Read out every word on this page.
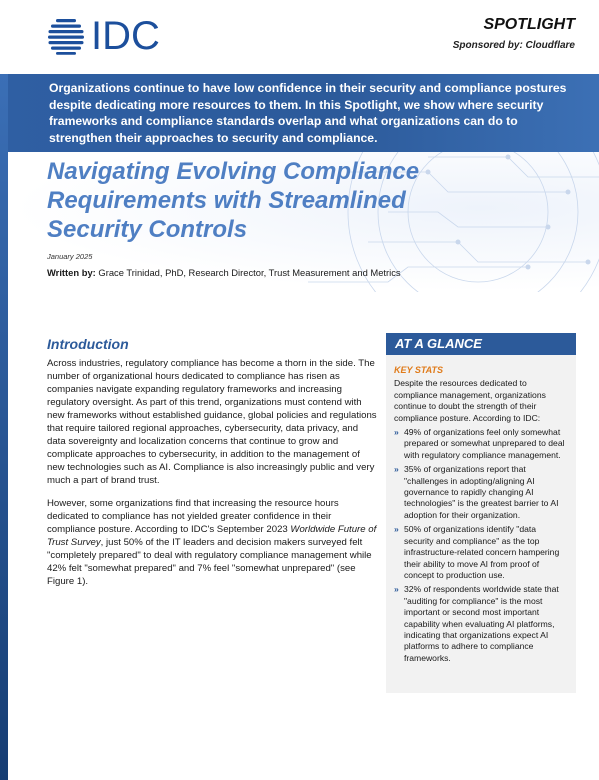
IDC	SPOTLIGHT
Sponsored by: Cloudflare
Organizations continue to have low confidence in their security and compliance postures despite dedicating more resources to them. In this Spotlight, we show where security frameworks and compliance standards overlap and what organizations can do to strengthen their approaches to security and compliance.
Navigating Evolving Compliance Requirements with Streamlined Security Controls
January 2025
Written by: Grace Trinidad, PhD, Research Director, Trust Measurement and Metrics
Introduction

Across industries, regulatory compliance has become a thorn in the side. The number of organizational hours dedicated to compliance has risen as companies navigate expanding regulatory frameworks and increasing regulatory oversight. As part of this trend, organizations must contend with new frameworks without established guidance, global policies and regulations that require tailored regional approaches, cybersecurity, data privacy, and data sovereignty and localization concerns that continue to grow and complicate approaches to cybersecurity, in addition to the management of new technologies such as AI. Compliance is also increasingly public and very much a part of brand trust.

However, some organizations find that increasing the resource hours dedicated to compliance has not yielded greater confidence in their compliance posture. According to IDC's September 2023 Worldwide Future of Trust Survey, just 50% of the IT leaders and decision makers surveyed felt "completely prepared" to deal with regulatory compliance management while 42% felt "somewhat prepared" and 7% feel "somewhat unprepared" (see Figure 1).

AT A GLANCE
KEY STATS

Despite the resources dedicated to compliance management, organizations continue to doubt the strength of their compliance posture. According to IDC:

» 49% of organizations feel only somewhat prepared or somewhat unprepared to deal with regulatory compliance management.
» 35% of organizations report that "challenges in adopting/aligning AI governance to rapidly changing AI technologies" is the greatest barrier to AI adoption for their organization.
» 50% of organizations identify "data security and compliance" as the top infrastructure-related concern hampering their ability to move AI from proof of concept to production use.
» 32% of respondents worldwide state that "auditing for compliance" is the most important or second most important capability when evaluating AI platforms, indicating that organizations expect AI platforms to adhere to compliance frameworks.
